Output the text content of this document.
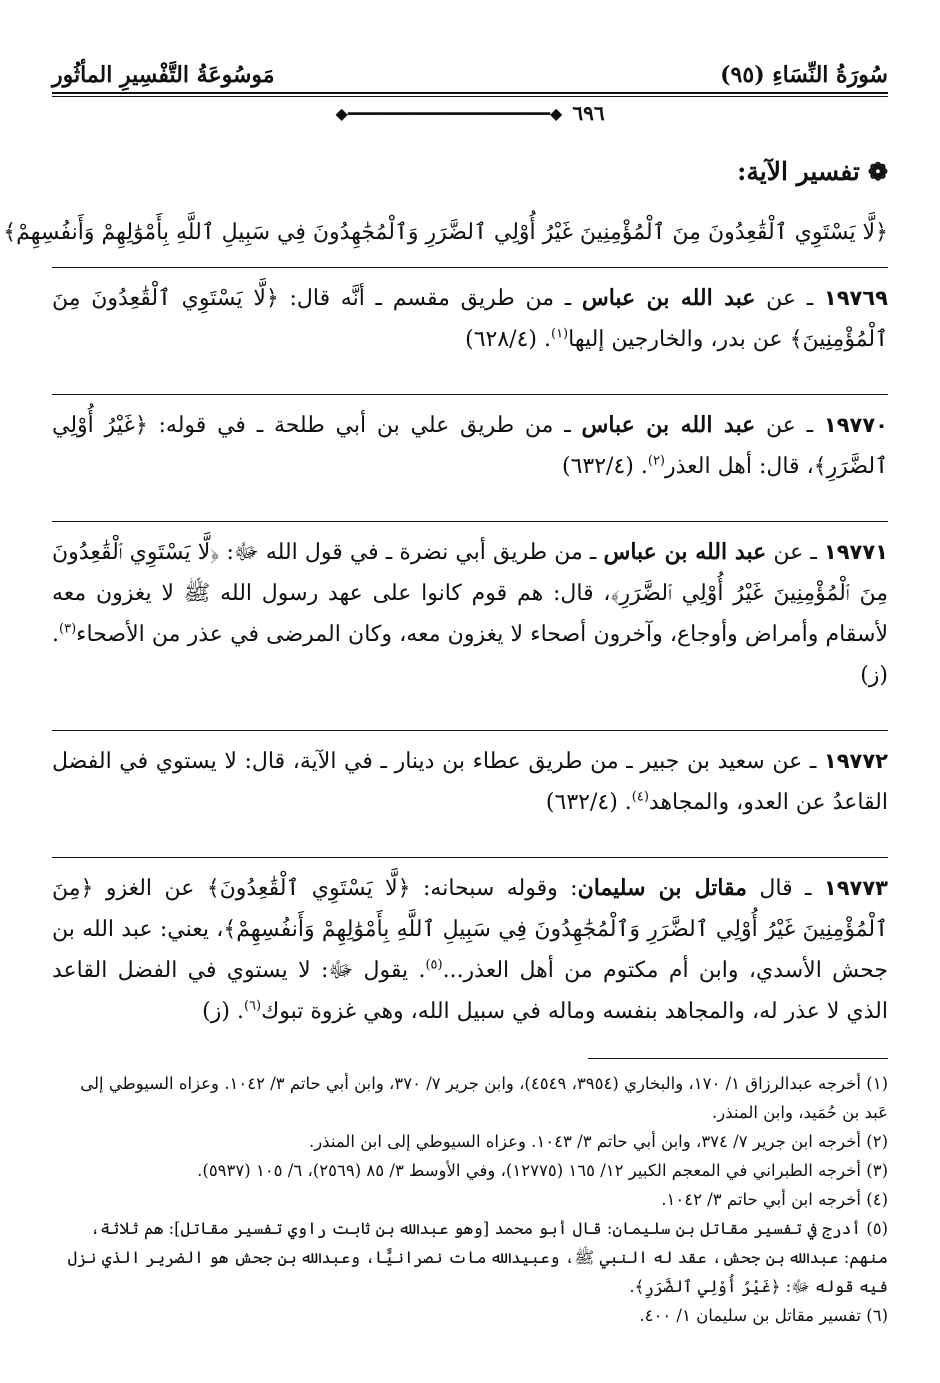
سُورَةُ النِّسَاءِ (٩٥)
مَوسُوعَةُ التَّفْسِيرِ المأثُور
٦٩٦
◆━━━━━━━━━━━━━━━━━━━━━◆
❁
تفسير الآية:
﴿لَّا يَسْتَوِي ٱلْقَٰعِدُونَ مِنَ ٱلْمُؤْمِنِينَ غَيْرُ أُوْلِي ٱلضَّرَرِ وَٱلْمُجَٰهِدُونَ فِي سَبِيلِ ٱللَّهِ بِأَمْوَٰلِهِمْ وَأَنفُسِهِمْ﴾
١٩٧٦٩ ـ عن عبد الله بن عباس ـ من طريق مقسم ـ أنَّه قال: ﴿لَّا يَسْتَوِي ٱلْقَٰعِدُونَ مِنَ ٱلْمُؤْمِنِينَ﴾ عن بدر، والخارجين إليها$^{(١)}$. (٦٢٨/٤)
١٩٧٧٠ ـ عن عبد الله بن عباس ـ من طريق علي بن أبي طلحة ـ في قوله: ﴿غَيْرُ أُوْلِي ٱلضَّرَرِ﴾، قال: أهل العذر$^{(٢)}$. (٦٣٢/٤)
١٩٧٧١ ـ عن عبد الله بن عباس ـ من طريق أبي نضرة ـ في قول الله ﷻ: ﴿لَّا يَسْتَوِي ٱلْقَٰعِدُونَ مِنَ ٱلْمُؤْمِنِينَ غَيْرُ أُوْلِي ٱلضَّرَرِ﴾، قال: هم قوم كانوا على عهد رسول الله ﷺ لا يغزون معه لأسقام وأمراض وأوجاع، وآخرون أصحاء لا يغزون معه، وكان المرضى في عذر من الأصحاء$^{(٣)}$. (ز)
١٩٧٧٢ ـ عن سعيد بن جبير ـ من طريق عطاء بن دينار ـ في الآية، قال: لا يستوي في الفضل القاعدُ عن العدو، والمجاهد$^{(٤)}$. (٦٣٢/٤)
١٩٧٧٣ ـ قال مقاتل بن سليمان: وقوله سبحانه: ﴿لَّا يَسْتَوِي ٱلْقَٰعِدُونَ﴾ عن الغزو ﴿مِنَ ٱلْمُؤْمِنِينَ غَيْرُ أُوْلِي ٱلضَّرَرِ وَٱلْمُجَٰهِدُونَ فِي سَبِيلِ ٱللَّهِ بِأَمْوَٰلِهِمْ وَأَنفُسِهِمْ﴾، يعني: عبد الله بن جحش الأسدي، وابن أم مكتوم من أهل العذر...$^{(٥)}$. يقول ﷻ: لا يستوي في الفضل القاعد الذي لا عذر له، والمجاهد بنفسه وماله في سبيل الله، وهي غزوة تبوك$^{(٦)}$. (ز)

(١) أخرجه عبدالرزاق ١/ ١٧٠، والبخاري (٣٩٥٤، ٤٥٤٩)، وابن جرير ٧/ ٣٧٠، وابن أبي حاتم ٣/ ١٠٤٢. وعزاه السيوطي إلى عَبد بن حُمَيد، وابن المنذر.

(٢) أخرجه ابن جرير ٧/ ٣٧٤، وابن أبي حاتم ٣/ ١٠٤٣. وعزاه السيوطي إلى ابن المنذر.

(٣) أخرجه الطبراني في المعجم الكبير ١٢/ ١٦٥ (١٢٧٧٥)، وفي الأوسط ٣/ ٨٥ (٢٥٦٩)، ٦/ ١٠٥ (٥٩٣٧).

(٤) أخرجه ابن أبي حاتم ٣/ ١٠٤٢.

(٥) أدرج في تفسير مقاتل بن سليمان: قال أبو محمد [وهو عبدالله بن ثابت راوي تفسير مقاتل]: هم ثلاثة، منهم: عبدالله بن جحش، عقد له النبي ﷺ، وعبيدالله مات نصرانيًّا، وعبدالله بن جحش هو الضرير الذي نزل فيه قوله ﷻ: ﴿غَيْرُ أُوْلِي ٱلضَّرَرِ﴾.

(٦) تفسير مقاتل بن سليمان ١/ ٤٠٠.
